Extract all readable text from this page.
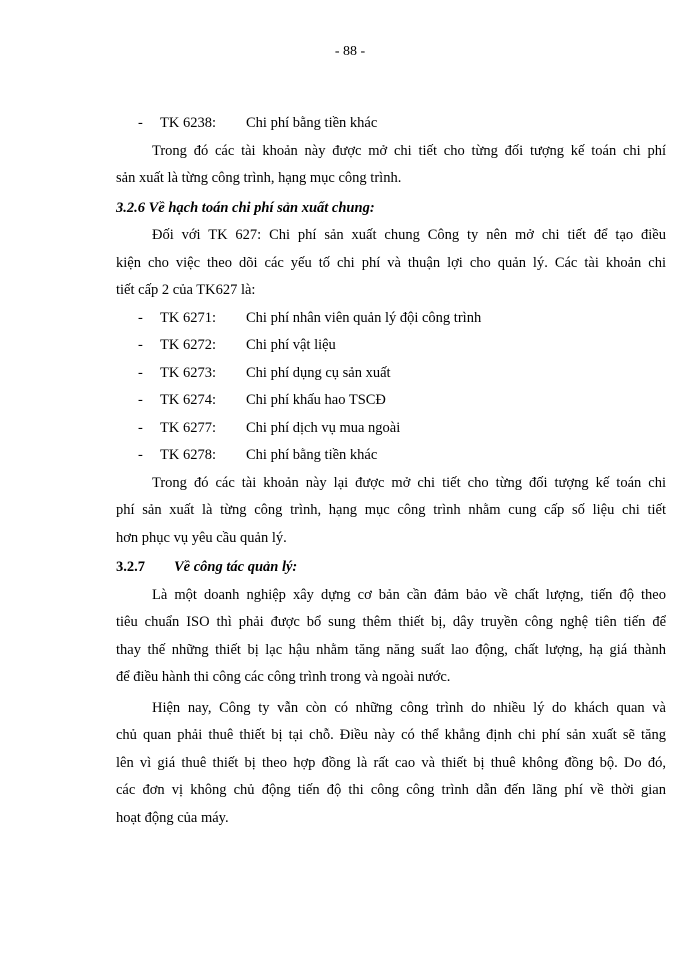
- 88 -
-	TK 6238:	Chi phí bằng tiền khác
Trong đó các tài khoản này được mở chi tiết cho từng đối tượng kế toán chi phí
sản xuất là từng công trình, hạng mục công trình.
3.2.6 Về hạch toán chi phí sản xuất chung:
Đối với TK 627: Chi phí sản xuất chung Công ty nên mở chi tiết để tạo điều
kiện cho việc theo dõi các yếu tố chi phí và thuận lợi cho quản lý. Các tài khoản chi
tiết cấp 2 của TK627 là:
-	TK 6271:	Chi phí nhân viên quản lý đội công trình
-	TK 6272:	Chi phí vật liệu
-	TK 6273:	Chi phí dụng cụ sản xuất
-	TK 6274:	Chi phí khấu hao TSCĐ
-	TK 6277:	Chi phí dịch vụ mua ngoài
-	TK 6278:	Chi phí bằng tiền khác
Trong đó các tài khoản này lại được mở chi tiết cho từng đối tượng kế toán chi
phí sản xuất là từng công trình, hạng mục công trình nhằm cung cấp số liệu chi tiết
hơn phục vụ yêu cầu quản lý.
3.2.7 Về công tác quản lý:
Là một doanh nghiệp xây dựng cơ bản cần đảm bảo về chất lượng, tiến độ theo
tiêu chuẩn ISO thì phải được bổ sung thêm thiết bị, dây truyền công nghệ tiên tiến để
thay thế những thiết bị lạc hậu nhằm tăng năng suất lao động, chất lượng, hạ giá thành
để điều hành thi công các công trình trong và ngoài nước.
Hiện nay, Công ty vẫn còn có những công trình do nhiều lý do khách quan và
chủ quan phải thuê thiết bị tại chỗ. Điều này có thể khẳng định chi phí sản xuất sẽ tăng
lên vì giá thuê thiết bị theo hợp đồng là rất cao và thiết bị thuê không đồng bộ. Do đó,
các đơn vị không chủ động tiến độ thi công công trình dẫn đến lãng phí về thời gian
hoạt động của máy.
